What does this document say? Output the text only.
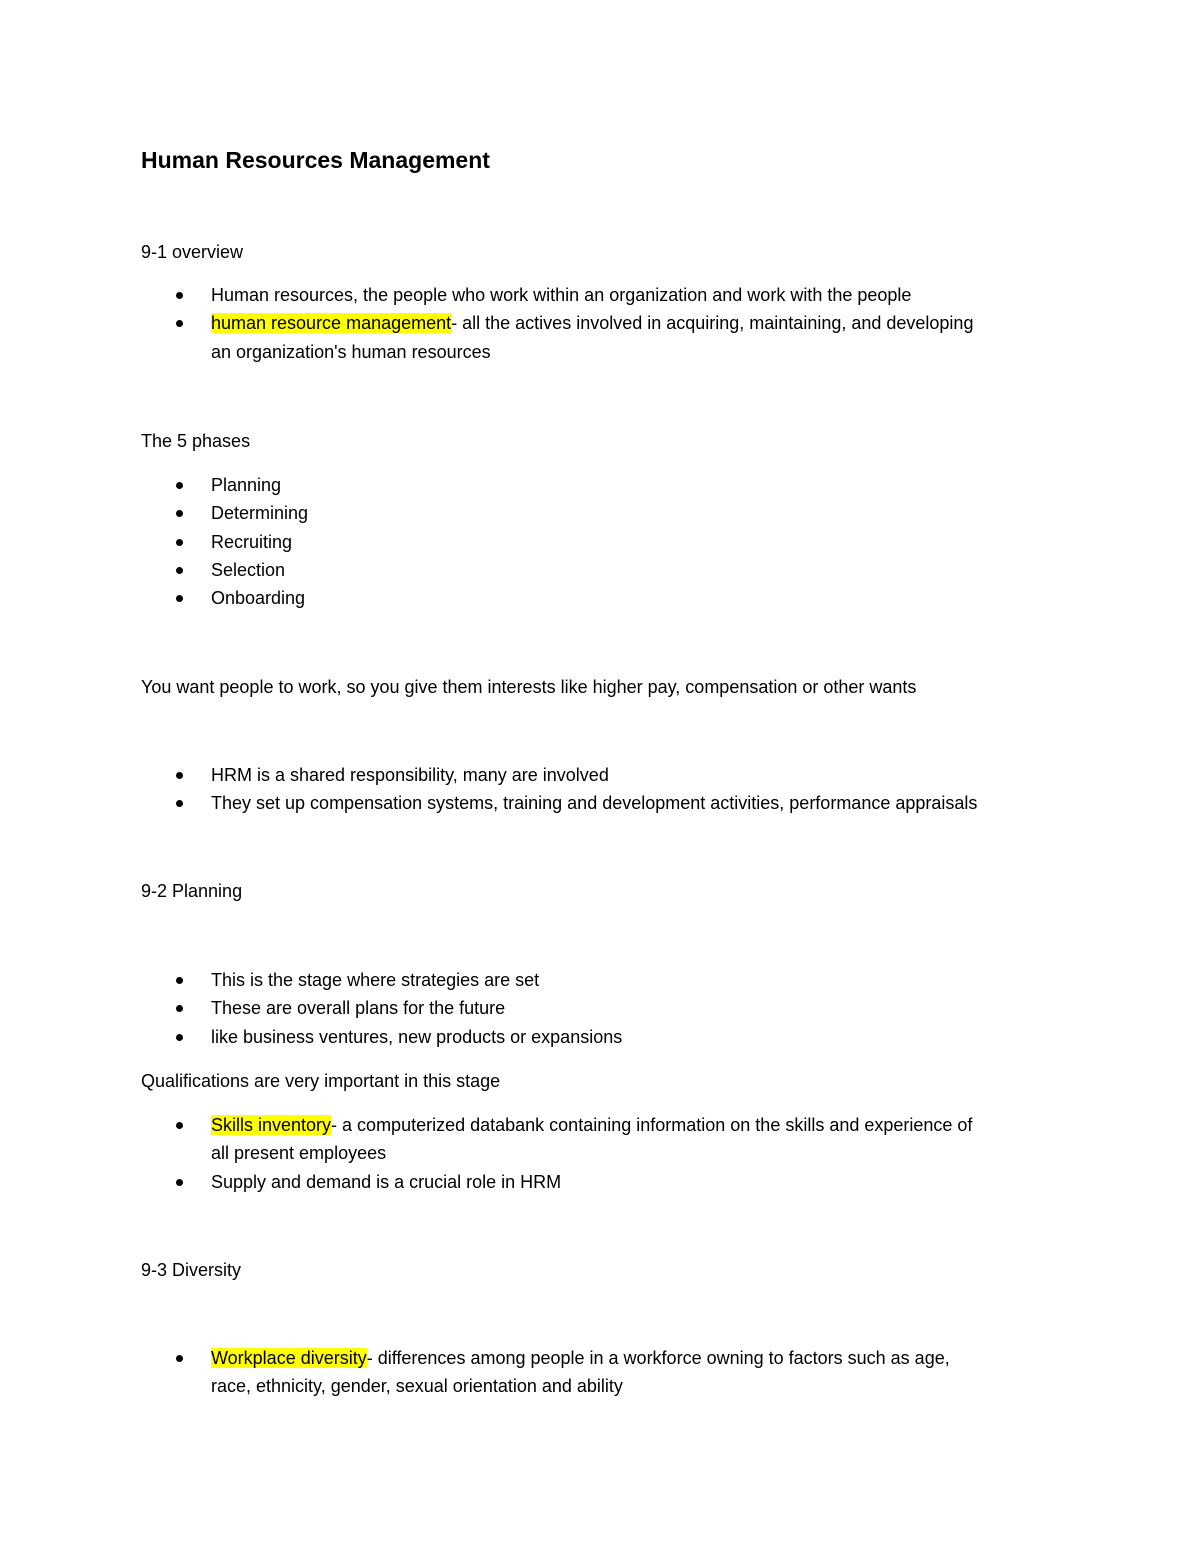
Human Resources Management
9-1 overview
Human resources, the people who work within an organization and work with the people
human resource management- all the actives involved in acquiring, maintaining, and developing
an organization's human resources
The 5 phases
Planning
Determining
Recruiting
Selection
Onboarding
You want people to work, so you give them interests like higher pay, compensation or other wants
HRM is a shared responsibility, many are involved
They set up compensation systems, training and development activities, performance appraisals
9-2 Planning
This is the stage where strategies are set
These are overall plans for the future
like business ventures, new products or expansions
Qualifications are very important in this stage
Skills inventory- a computerized databank containing information on the skills and experience of
all present employees
Supply and demand is a crucial role in HRM
9-3 Diversity
Workplace diversity- differences among people in a workforce owning to factors such as age,
race, ethnicity, gender, sexual orientation and ability
